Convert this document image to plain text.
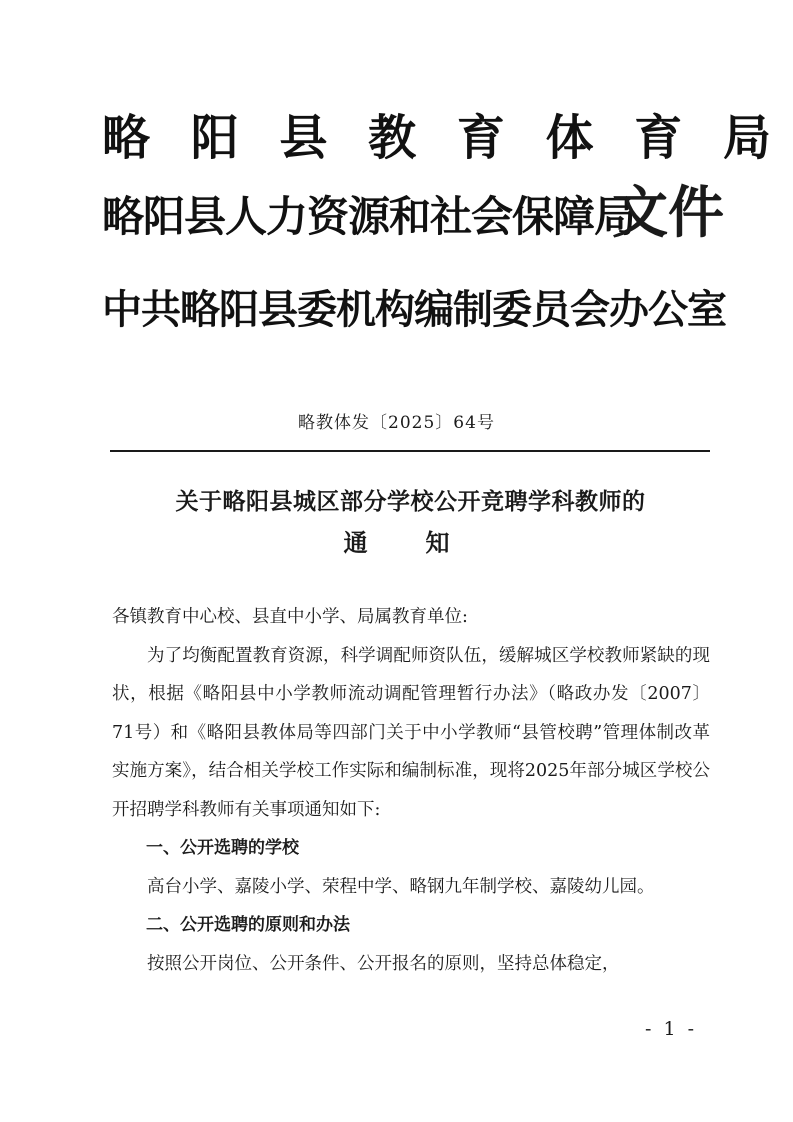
略 阳 县 教 育 体 育 局
略阳县人力资源和社会保障局
中共略阳县委机构编制委员会办公室
文件
略教体发〔2025〕64号
关于略阳县城区部分学校公开竞聘学科教师的
通知

各镇教育中心校、县直中小学、局属教育单位:

为了均衡配置教育资源，科学调配师资队伍，缓解城区学校教师紧缺的现状，根据《略阳县中小学教师流动调配管理暂行办法》（略政办发〔2007〕71号）和《略阳县教体局等四部门关于中小学教师“县管校聘”管理体制改革实施方案》，结合相关学校工作实际和编制标准，现将2025年部分城区学校公开招聘学科教师有关事项通知如下:

一、公开选聘的学校

高台小学、嘉陵小学、荣程中学、略钢九年制学校、嘉陵幼儿园。

二、公开选聘的原则和办法

按照公开岗位、公开条件、公开报名的原则，坚持总体稳定，

- 1 -
